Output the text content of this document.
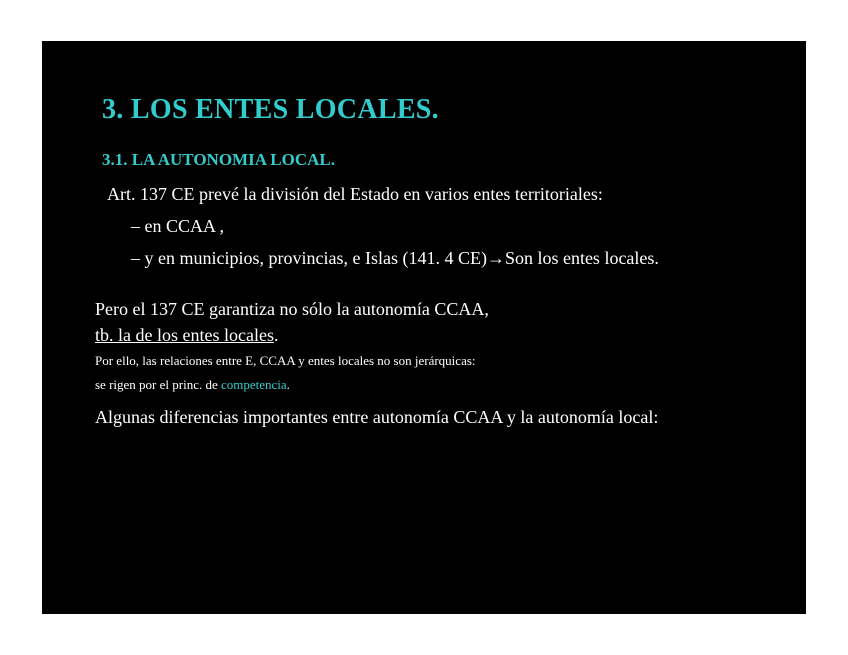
3. LOS ENTES LOCALES.
3.1. LA AUTONOMIA LOCAL.

Art. 137 CE prevé la división del Estado en varios entes territoriales:

– en CCAA ,

– y en municipios, provincias, e Islas (141. 4 CE)→Son los entes locales.

Pero el 137 CE garantiza no sólo la autonomía CCAA,

tb. la de los entes locales.

Por ello, las relaciones entre E, CCAA y entes locales no son jerárquicas:

se rigen por el princ. de competencia.

Algunas diferencias importantes entre autonomía CCAA y la autonomía local:
